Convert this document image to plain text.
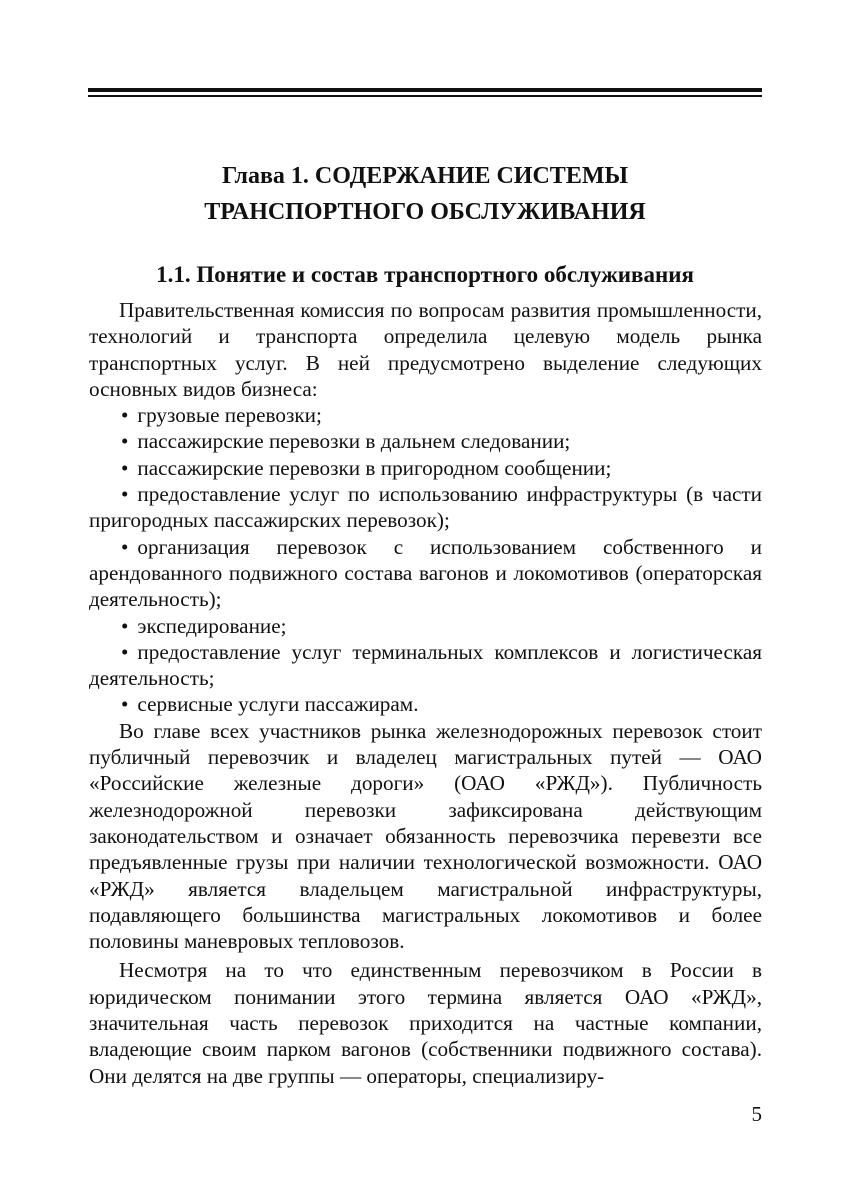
Глава 1. СОДЕРЖАНИЕ СИСТЕМЫ
ТРАНСПОРТНОГО ОБСЛУЖИВАНИЯ
1.1. Понятие и состав транспортного обслуживания

Правительственная комиссия по вопросам развития промышленности, технологий и транспорта определила целевую модель рынка транспортных услуг. В ней предусмотрено выделение следующих основных видов бизнеса:

• грузовые перевозки;

• пассажирские перевозки в дальнем следовании;

• пассажирские перевозки в пригородном сообщении;

• предоставление услуг по использованию инфраструктуры (в части пригородных пассажирских перевозок);

• организация перевозок с использованием собственного и арендованного подвижного состава вагонов и локомотивов (операторская деятельность);

• экспедирование;

• предоставление услуг терминальных комплексов и логистическая деятельность;

• сервисные услуги пассажирам.

Во главе всех участников рынка железнодорожных перевозок стоит публичный перевозчик и владелец магистральных путей — ОАО «Российские железные дороги» (ОАО «РЖД»). Публичность железнодорожной перевозки зафиксирована действующим законодательством и означает обязанность перевозчика перевезти все предъявленные грузы при наличии технологической возможности. ОАО «РЖД» является владельцем магистральной инфраструктуры, подавляющего большинства магистральных локомотивов и более половины маневровых тепловозов.

Несмотря на то что единственным перевозчиком в России в юридическом понимании этого термина является ОАО «РЖД», значительная часть перевозок приходится на частные компании, владеющие своим парком вагонов (собственники подвижного состава). Они делятся на две группы — операторы, специализиру-

5
